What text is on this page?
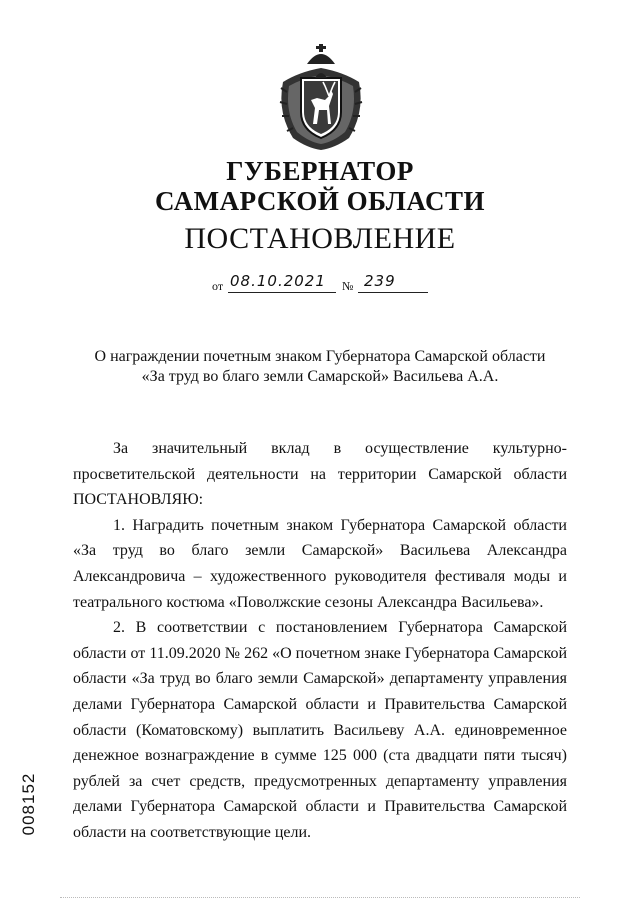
ГУБЕРНАТОР
САМАРСКОЙ ОБЛАСТИ
ПОСТАНОВЛЕНИЕ
от 08.10.2021 № 239
О награждении почетным знаком Губернатора Самарской области
«За труд во благо земли Самарской» Васильева А.А.

За значительный вклад в осуществление культурно-просветительской деятельности на территории Самарской области ПОСТАНОВЛЯЮ:

1. Наградить почетным знаком Губернатора Самарской области «За труд во благо земли Самарской» Васильева Александра Александровича – художественного руководителя фестиваля моды и театрального костюма «Поволжские сезоны Александра Васильева».

2. В соответствии с постановлением Губернатора Самарской области от 11.09.2020 № 262 «О почетном знаке Губернатора Самарской области «За труд во благо земли Самарской» департаменту управления делами Губернатора Самарской области и Правительства Самарской области (Коматовскому) выплатить Васильеву А.А. единовременное денежное вознаграждение в сумме 125 000 (ста двадцати пяти тысяч) рублей за счет средств, предусмотренных департаменту управления делами Губернатора Самарской области и Правительства Самарской области на соответствующие цели.

008152
